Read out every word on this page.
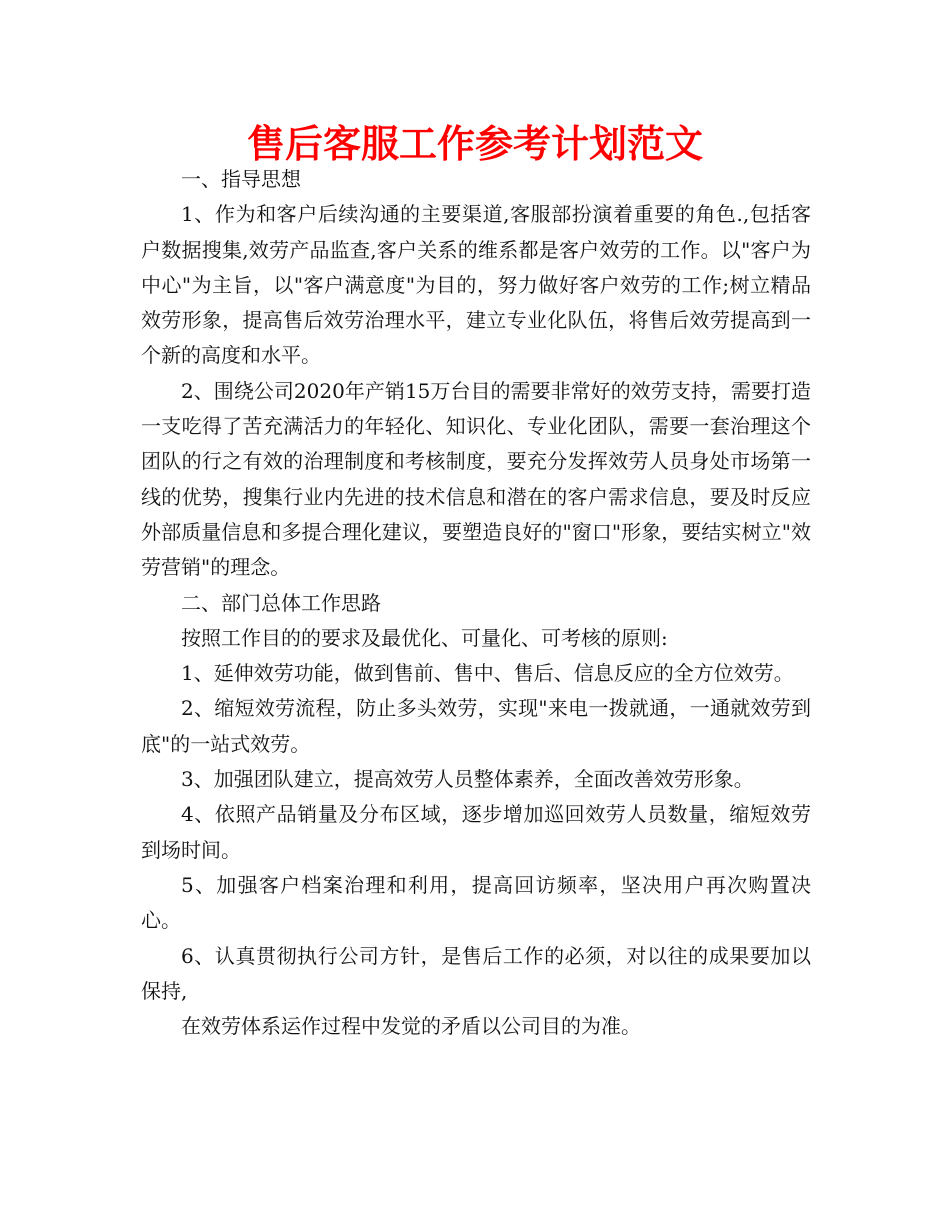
售后客服工作参考计划范文

一、指导思想

1、作为和客户后续沟通的主要渠道,客服部扮演着重要的角色.,包括客户数据搜集,效劳产品监查,客户关系的维系都是客户效劳的工作。以"客户为中心"为主旨，以"客户满意度"为目的，努力做好客户效劳的工作;树立精品效劳形象，提高售后效劳治理水平，建立专业化队伍，将售后效劳提高到一个新的高度和水平。

2、围绕公司2020年产销15万台目的需要非常好的效劳支持，需要打造一支吃得了苦充满活力的年轻化、知识化、专业化团队，需要一套治理这个团队的行之有效的治理制度和考核制度，要充分发挥效劳人员身处市场第一线的优势，搜集行业内先进的技术信息和潜在的客户需求信息，要及时反应外部质量信息和多提合理化建议，要塑造良好的"窗口"形象，要结实树立"效劳营销"的理念。

二、部门总体工作思路

按照工作目的的要求及最优化、可量化、可考核的原则:

1、延伸效劳功能，做到售前、售中、售后、信息反应的全方位效劳。

2、缩短效劳流程，防止多头效劳，实现"来电一拨就通，一通就效劳到底"的一站式效劳。

3、加强团队建立，提高效劳人员整体素养，全面改善效劳形象。

4、依照产品销量及分布区域，逐步增加巡回效劳人员数量，缩短效劳到场时间。

5、加强客户档案治理和利用，提高回访频率，坚决用户再次购置决心。

6、认真贯彻执行公司方针，是售后工作的必须，对以往的成果要加以保持,

在效劳体系运作过程中发觉的矛盾以公司目的为准。
